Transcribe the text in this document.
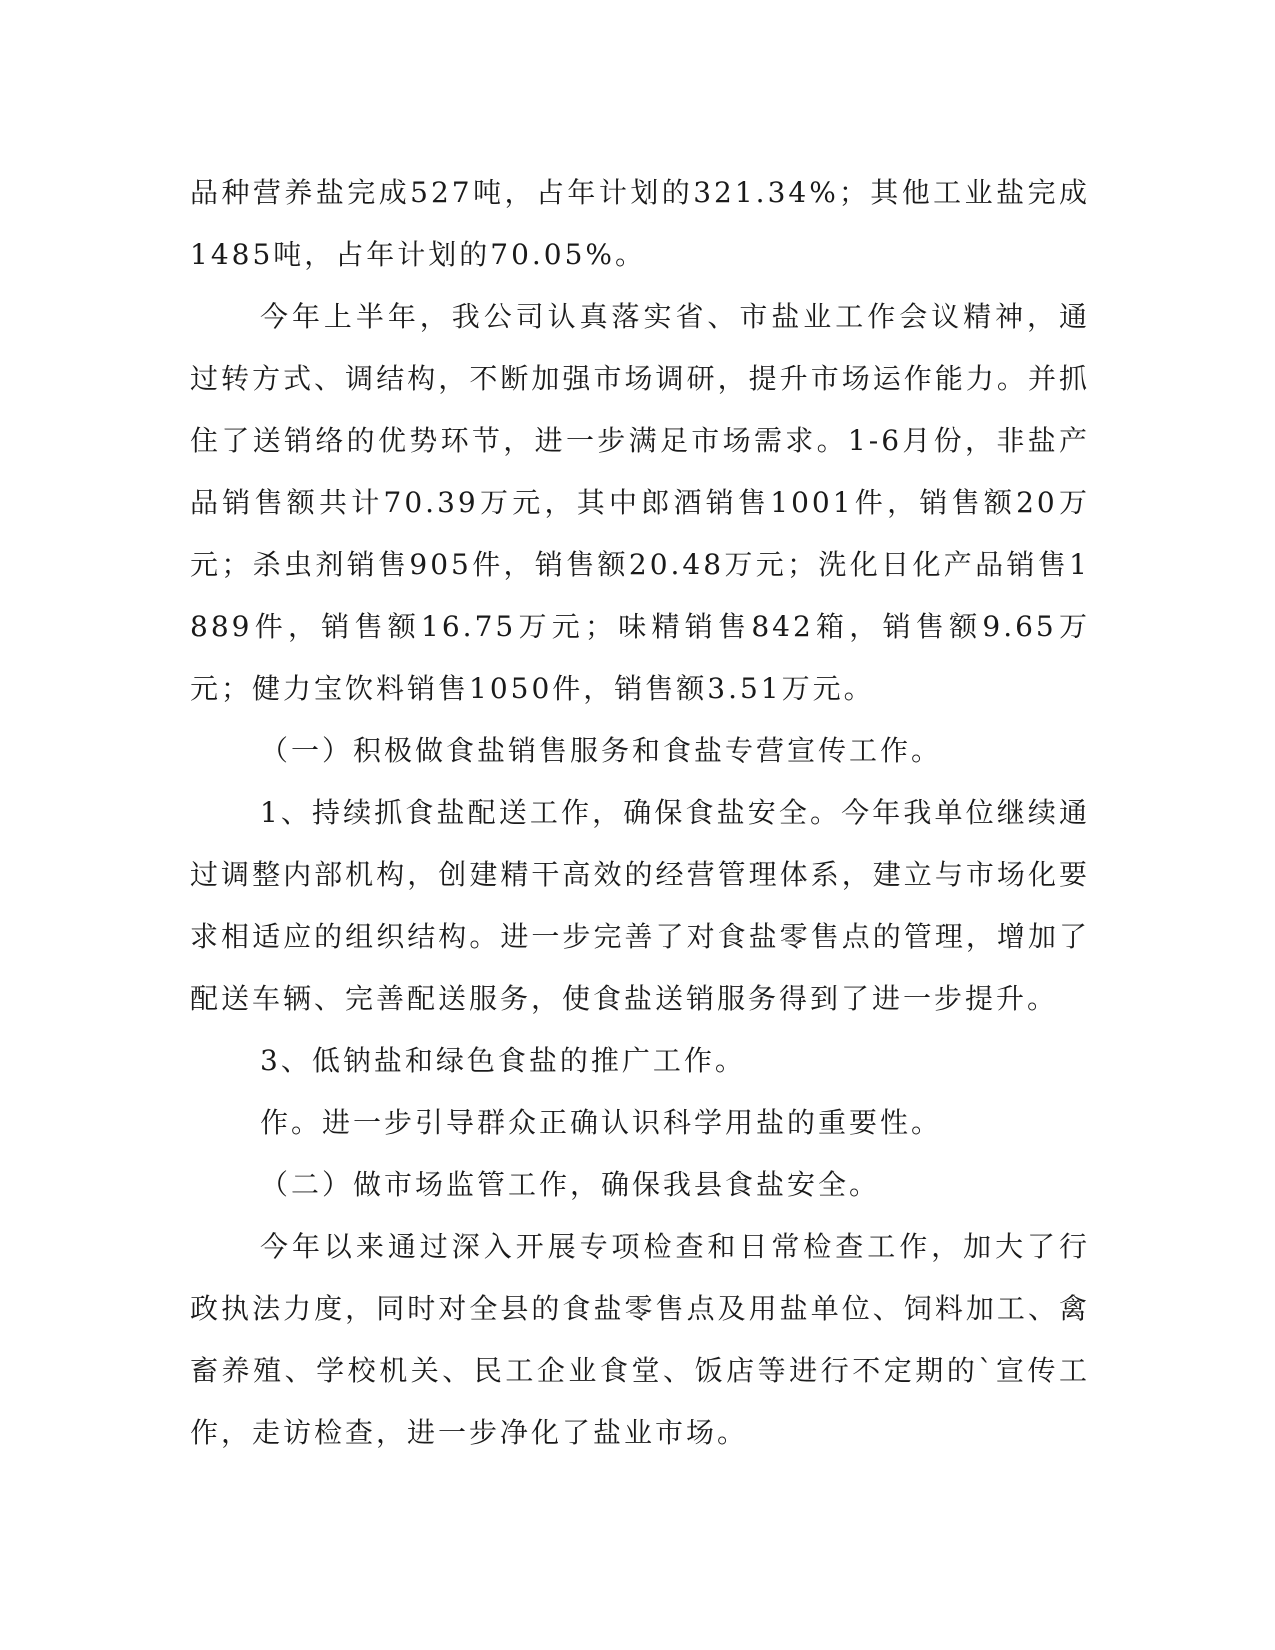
品种营养盐完成527吨，占年计划的321.34%；其他工业盐完成1485吨，占年计划的70.05%。

今年上半年，我公司认真落实省、市盐业工作会议精神，通过转方式、调结构，不断加强市场调研，提升市场运作能力。并抓住了送销络的优势环节，进一步满足市场需求。1-6月份，非盐产品销售额共计70.39万元，其中郎酒销售1001件，销售额20万元；杀虫剂销售905件，销售额20.48万元；洗化日化产品销售1889件，销售额16.75万元；味精销售842箱，销售额9.65万元；健力宝饮料销售1050件，销售额3.51万元。

（一）积极做食盐销售服务和食盐专营宣传工作。

1、持续抓食盐配送工作，确保食盐安全。今年我单位继续通过调整内部机构，创建精干高效的经营管理体系，建立与市场化要求相适应的组织结构。进一步完善了对食盐零售点的管理，增加了配送车辆、完善配送服务，使食盐送销服务得到了进一步提升。

3、低钠盐和绿色食盐的推广工作。

作。进一步引导群众正确认识科学用盐的重要性。

（二）做市场监管工作，确保我县食盐安全。

今年以来通过深入开展专项检查和日常检查工作，加大了行政执法力度，同时对全县的食盐零售点及用盐单位、饲料加工、禽畜养殖、学校机关、民工企业食堂、饭店等进行不定期的`宣传工作，走访检查，进一步净化了盐业市场。
